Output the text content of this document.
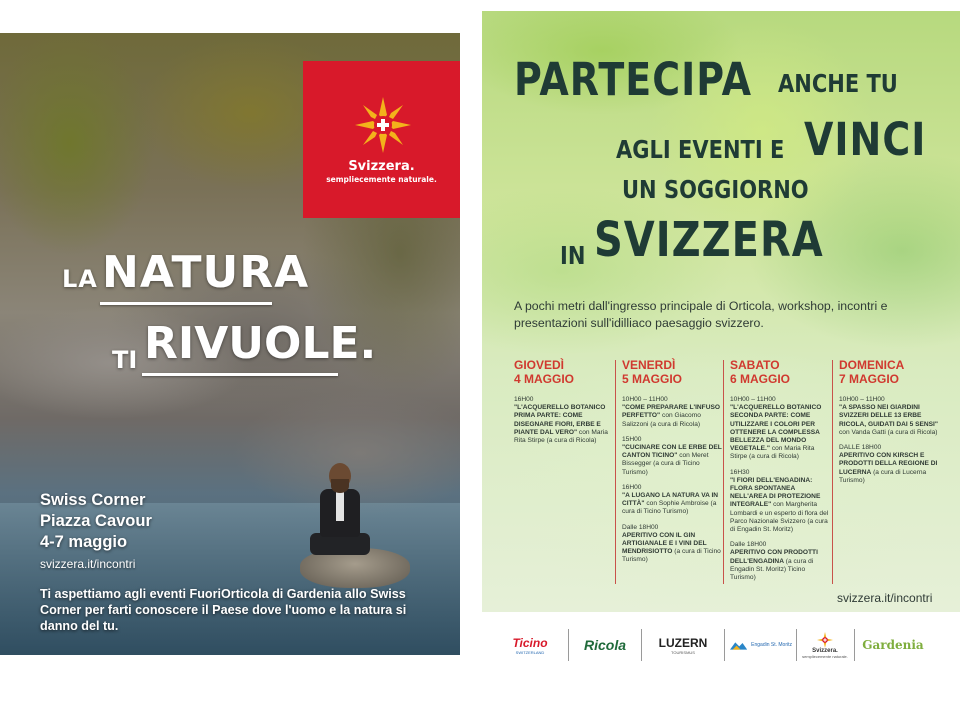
Svizzera.
sempliecemente naturale.
LA NATURA
TI RIVUOLE.
Swiss Corner
Piazza Cavour
4-7 maggio
svizzera.it/incontri
Ti aspettiamo agli eventi FuoriOrticola di Gardenia allo Swiss Corner per farti conoscere il Paese dove l'uomo e la natura si danno del tu.
PARTECIPA ANCHE TU
AGLI EVENTI E VINCI
UN SOGGIORNO
IN SVIZZERA
A pochi metri dall'ingresso principale di Orticola, workshop, incontri e presentazioni sull'idilliaco paesaggio svizzero.
GIOVEDÌ
4 MAGGIO
16H00
"L'ACQUERELLO BOTANICO PRIMA PARTE: COME DISEGNARE FIORI, ERBE E PIANTE DAL VERO" con Maria Rita Stirpe (a cura di Ricola)
VENERDÌ
5 MAGGIO
10H00 – 11H00
"COME PREPARARE L'INFUSO PERFETTO" con Giacomo Salizzoni (a cura di Ricola)
15H00
"CUCINARE CON LE ERBE DEL CANTON TICINO" con Meret Bissegger (a cura di Ticino Turismo)
16H00
"A LUGANO LA NATURA VA IN CITTÀ" con Sophie Ambroise (a cura di Ticino Turismo)
Dalle 18H00
APERITIVO CON IL GIN ARTIGIANALE E I VINI DEL MENDRISIOTTO (a cura di Ticino Turismo)
SABATO
6 MAGGIO
10H00 – 11H00
"L'ACQUERELLO BOTANICO SECONDA PARTE: COME UTILIZZARE I COLORI PER OTTENERE LA COMPLESSA BELLEZZA DEL MONDO VEGETALE." con Maria Rita Stirpe (a cura di Ricola)
16H30
"I FIORI DELL'ENGADINA: FLORA SPONTANEA NELL'AREA DI PROTEZIONE INTEGRALE" con Margherita Lombardi e un esperto di flora del Parco Nazionale Svizzero (a cura di Engadin St. Moritz)
Dalle 18H00
APERITIVO CON PRODOTTI DELL'ENGADINA (a cura di Engadin St. Moritz) Ticino Turismo)
DOMENICA
7 MAGGIO
10H00 – 11H00
"A SPASSO NEI GIARDINI SVIZZERI DELLE 13 ERBE RICOLA, GUIDATI DAI 5 SENSI" con Vanda Gatti (a cura di Ricola)
DALLE 18H00
APERITIVO CON KIRSCH E PRODOTTI DELLA REGIONE DI LUCERNA (a cura di Lucerna Turismo)
svizzera.it/incontri
Ticino
SWITZERLAND	Ricola	LUZERN
TOURISMUS
Engadin St. Moritz
Svizzera.
sempliecemente naturale.
Gardenia
